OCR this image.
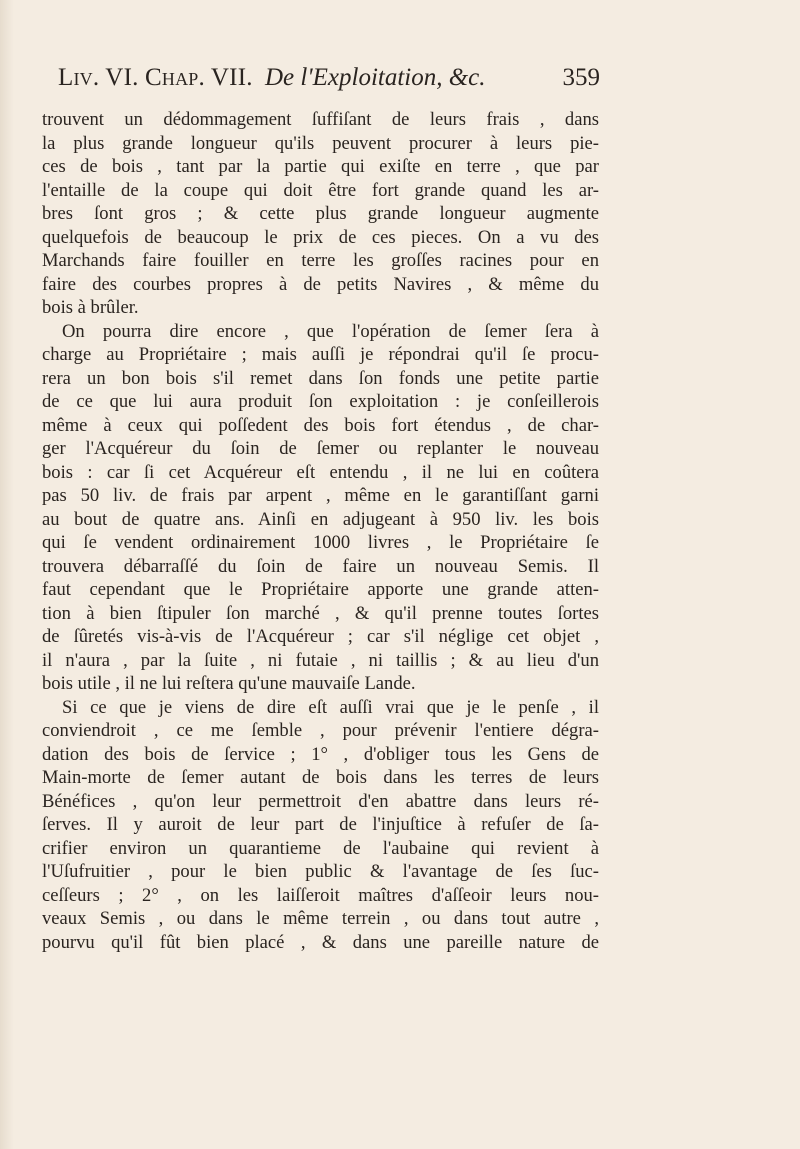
Liv. VI. Chap. VII. De l'Exploitation, &c.	359
trouvent un dédommagement ſuffiſant de leurs frais , dans
la plus grande longueur qu'ils peuvent procurer à leurs pie-
ces de bois , tant par la partie qui exiſte en terre , que par
l'entaille de la coupe qui doit être fort grande quand les ar-
bres ſont gros ; & cette plus grande longueur augmente
quelquefois de beaucoup le prix de ces pieces. On a vu des
Marchands faire fouiller en terre les groſſes racines pour en
faire des courbes propres à de petits Navires , & même du
bois à brûler.
On pourra dire encore , que l'opération de ſemer ſera à
charge au Propriétaire ; mais auſſi je répondrai qu'il ſe procu-
rera un bon bois s'il remet dans ſon fonds une petite partie
de ce que lui aura produit ſon exploitation : je conſeillerois
même à ceux qui poſſedent des bois fort étendus , de char-
ger l'Acquéreur du ſoin de ſemer ou replanter le nouveau
bois : car ſi cet Acquéreur eſt entendu , il ne lui en coûtera
pas 50 liv. de frais par arpent , même en le garantiſſant garni
au bout de quatre ans. Ainſi en adjugeant à 950 liv. les bois
qui ſe vendent ordinairement 1000 livres , le Propriétaire ſe
trouvera débarraſſé du ſoin de faire un nouveau Semis. Il
faut cependant que le Propriétaire apporte une grande atten-
tion à bien ſtipuler ſon marché , & qu'il prenne toutes ſortes
de ſûretés vis-à-vis de l'Acquéreur ; car s'il néglige cet objet ,
il n'aura , par la ſuite , ni futaie , ni taillis ; & au lieu d'un
bois utile , il ne lui reſtera qu'une mauvaiſe Lande.
Si ce que je viens de dire eſt auſſi vrai que je le penſe , il
conviendroit , ce me ſemble , pour prévenir l'entiere dégra-
dation des bois de ſervice ; 1° , d'obliger tous les Gens de
Main-morte de ſemer autant de bois dans les terres de leurs
Bénéfices , qu'on leur permettroit d'en abattre dans leurs ré-
ſerves. Il y auroit de leur part de l'injuſtice à refuſer de ſa-
crifier environ un quarantieme de l'aubaine qui revient à
l'Uſufruitier , pour le bien public & l'avantage de ſes ſuc-
ceſſeurs ; 2° , on les laiſſeroit maîtres d'aſſeoir leurs nou-
veaux Semis , ou dans le même terrein , ou dans tout autre ,
pourvu qu'il fût bien placé , & dans une pareille nature de
